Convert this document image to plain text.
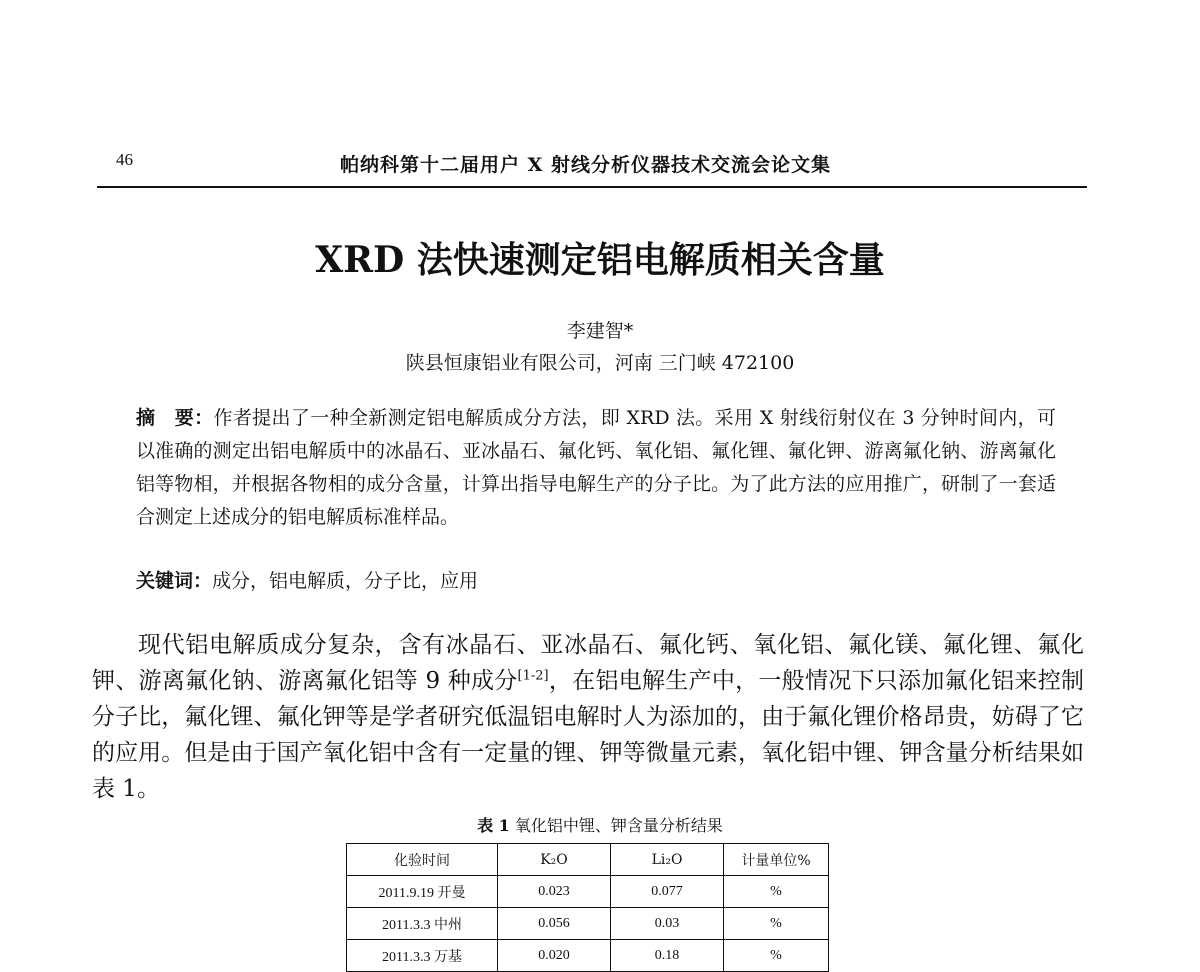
46	帕纳科第十二届用户 X 射线分析仪器技术交流会论文集
XRD 法快速测定铝电解质相关含量
李建智*
陕县恒康铝业有限公司，河南 三门峡 472100
摘　要：作者提出了一种全新测定铝电解质成分方法，即 XRD 法。采用 X 射线衍射仪在 3 分钟时间内，可以准确的测定出铝电解质中的冰晶石、亚冰晶石、氟化钙、氧化铝、氟化锂、氟化钾、游离氟化钠、游离氟化铝等物相，并根据各物相的成分含量，计算出指导电解生产的分子比。为了此方法的应用推广，研制了一套适合测定上述成分的铝电解质标准样品。
关键词：成分，铝电解质，分子比，应用
现代铝电解质成分复杂，含有冰晶石、亚冰晶石、氟化钙、氧化铝、氟化镁、氟化锂、氟化钾、游离氟化钠、游离氟化铝等 9 种成分[1-2]，在铝电解生产中，一般情况下只添加氟化铝来控制分子比，氟化锂、氟化钾等是学者研究低温铝电解时人为添加的，由于氟化锂价格昂贵，妨碍了它的应用。但是由于国产氧化铝中含有一定量的锂、钾等微量元素，氧化铝中锂、钾含量分析结果如表 1。
表 1 氧化铝中锂、钾含量分析结果
化验时间	K₂O	Li₂O	计量单位%
2011.9.19 开曼	0.023	0.077	%
2011.3.3 中州	0.056	0.03	%
2011.3.3 万基	0.020	0.18	%
